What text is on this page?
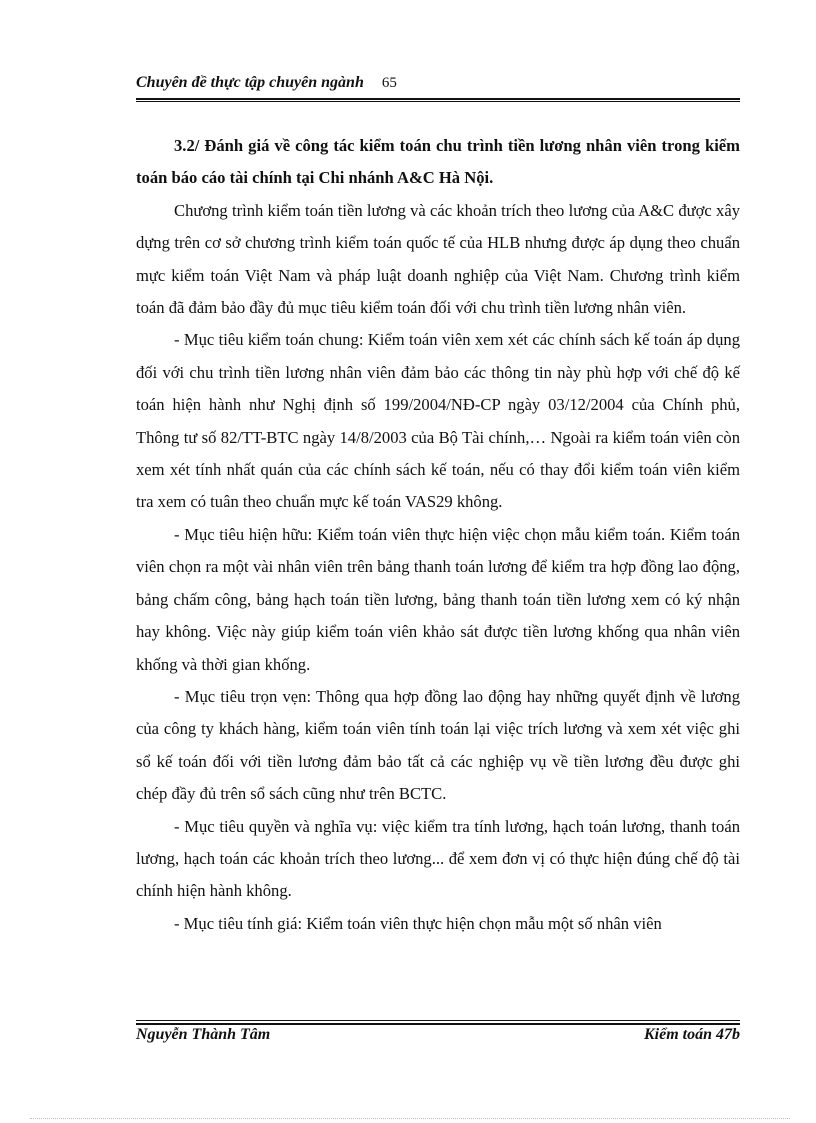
Chuyên đề thực tập chuyên ngành 65

3.2/ Đánh giá về công tác kiểm toán chu trình tiền lương nhân viên trong kiểm toán báo cáo tài chính tại Chi nhánh A&C Hà Nội.

Chương trình kiểm toán tiền lương và các khoản trích theo lương của A&C được xây dựng trên cơ sở chương trình kiểm toán quốc tế của HLB nhưng được áp dụng theo chuẩn mực kiểm toán Việt Nam và pháp luật doanh nghiệp của Việt Nam. Chương trình kiểm toán đã đảm bảo đầy đủ mục tiêu kiểm toán đối với chu trình tiền lương nhân viên.

- Mục tiêu kiểm toán chung: Kiểm toán viên xem xét các chính sách kế toán áp dụng đối với chu trình tiền lương nhân viên đảm bảo các thông tin này phù hợp với chế độ kế toán hiện hành như Nghị định số 199/2004/NĐ-CP ngày 03/12/2004 của Chính phủ, Thông tư số 82/TT-BTC ngày 14/8/2003 của Bộ Tài chính,… Ngoài ra kiểm toán viên còn xem xét tính nhất quán của các chính sách kế toán, nếu có thay đổi kiểm toán viên kiểm tra xem có tuân theo chuẩn mực kế toán VAS29 không.

- Mục tiêu hiện hữu: Kiểm toán viên thực hiện việc chọn mẫu kiểm toán. Kiểm toán viên chọn ra một vài nhân viên trên bảng thanh toán lương để kiểm tra hợp đồng lao động, bảng chấm công, bảng hạch toán tiền lương, bảng thanh toán tiền lương xem có ký nhận hay không. Việc này giúp kiểm toán viên khảo sát được tiền lương khống qua nhân viên khống và thời gian khống.

- Mục tiêu trọn vẹn: Thông qua hợp đồng lao động hay những quyết định về lương của công ty khách hàng, kiểm toán viên tính toán lại việc trích lương và xem xét việc ghi sổ kế toán đối với tiền lương đảm bảo tất cả các nghiệp vụ về tiền lương đều được ghi chép đầy đủ trên sổ sách cũng như trên BCTC.

- Mục tiêu quyền và nghĩa vụ: việc kiểm tra tính lương, hạch toán lương, thanh toán lương, hạch toán các khoản trích theo lương... để xem đơn vị có thực hiện đúng chế độ tài chính hiện hành không.

- Mục tiêu tính giá: Kiểm toán viên thực hiện chọn mẫu một số nhân viên

Nguyễn Thành Tâm	Kiểm toán 47b
